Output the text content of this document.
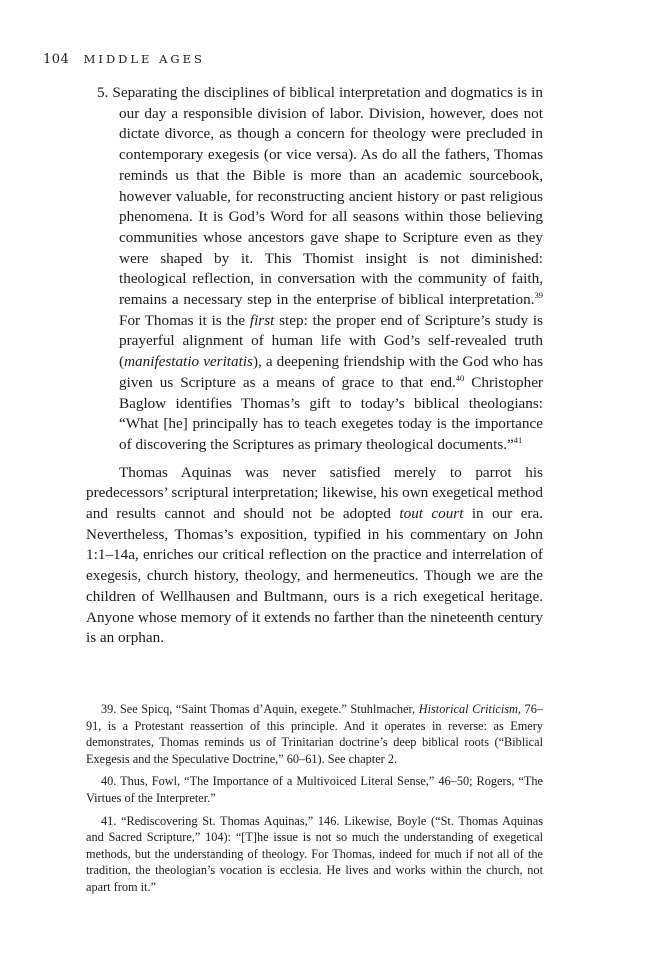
104 MIDDLE AGES

5. Separating the disciplines of biblical interpretation and dogmatics is in our day a responsible division of labor. Division, however, does not dictate divorce, as though a concern for theology were precluded in contemporary exegesis (or vice versa). As do all the fathers, Thomas reminds us that the Bible is more than an academic sourcebook, however valuable, for reconstructing ancient history or past religious phenomena. It is God’s Word for all seasons within those believing communities whose ancestors gave shape to Scripture even as they were shaped by it. This Thomist insight is not diminished: theological reflection, in conversation with the community of faith, remains a necessary step in the enterprise of biblical interpretation.$^{39}$ For Thomas it is the first step: the proper end of Scripture’s study is prayerful alignment of human life with God’s self-revealed truth (manifestatio veritatis), a deepening friendship with the God who has given us Scripture as a means of grace to that end.$^{40}$ Christopher Baglow identifies Thomas’s gift to today’s biblical theologians: “What [he] principally has to teach exegetes today is the importance of discovering the Scriptures as primary theological documents.”$^{41}$

Thomas Aquinas was never satisfied merely to parrot his predecessors’ scriptural interpretation; likewise, his own exegetical method and results cannot and should not be adopted tout court in our era. Nevertheless, Thomas’s exposition, typified in his commentary on John 1:1–14a, enriches our critical reflection on the practice and interrelation of exegesis, church history, theology, and hermeneutics. Though we are the children of Wellhausen and Bultmann, ours is a rich exegetical heritage. Anyone whose memory of it extends no farther than the nineteenth century is an orphan.

39. See Spicq, “Saint Thomas d’Aquin, exegete.” Stuhlmacher, Historical Criticism, 76–91, is a Protestant reassertion of this principle. And it operates in reverse: as Emery demonstrates, Thomas reminds us of Trinitarian doctrine’s deep biblical roots (“Biblical Exegesis and the Speculative Doctrine,” 60–61). See chapter 2.

40. Thus, Fowl, “The Importance of a Multivoiced Literal Sense,” 46–50; Rogers, “The Virtues of the Interpreter.”

41. “Rediscovering St. Thomas Aquinas,” 146. Likewise, Boyle (“St. Thomas Aquinas and Sacred Scripture,” 104): “[T]he issue is not so much the understanding of exegetical methods, but the understanding of theology. For Thomas, indeed for much if not all of the tradition, the theologian’s vocation is ecclesia. He lives and works within the church, not apart from it.”
